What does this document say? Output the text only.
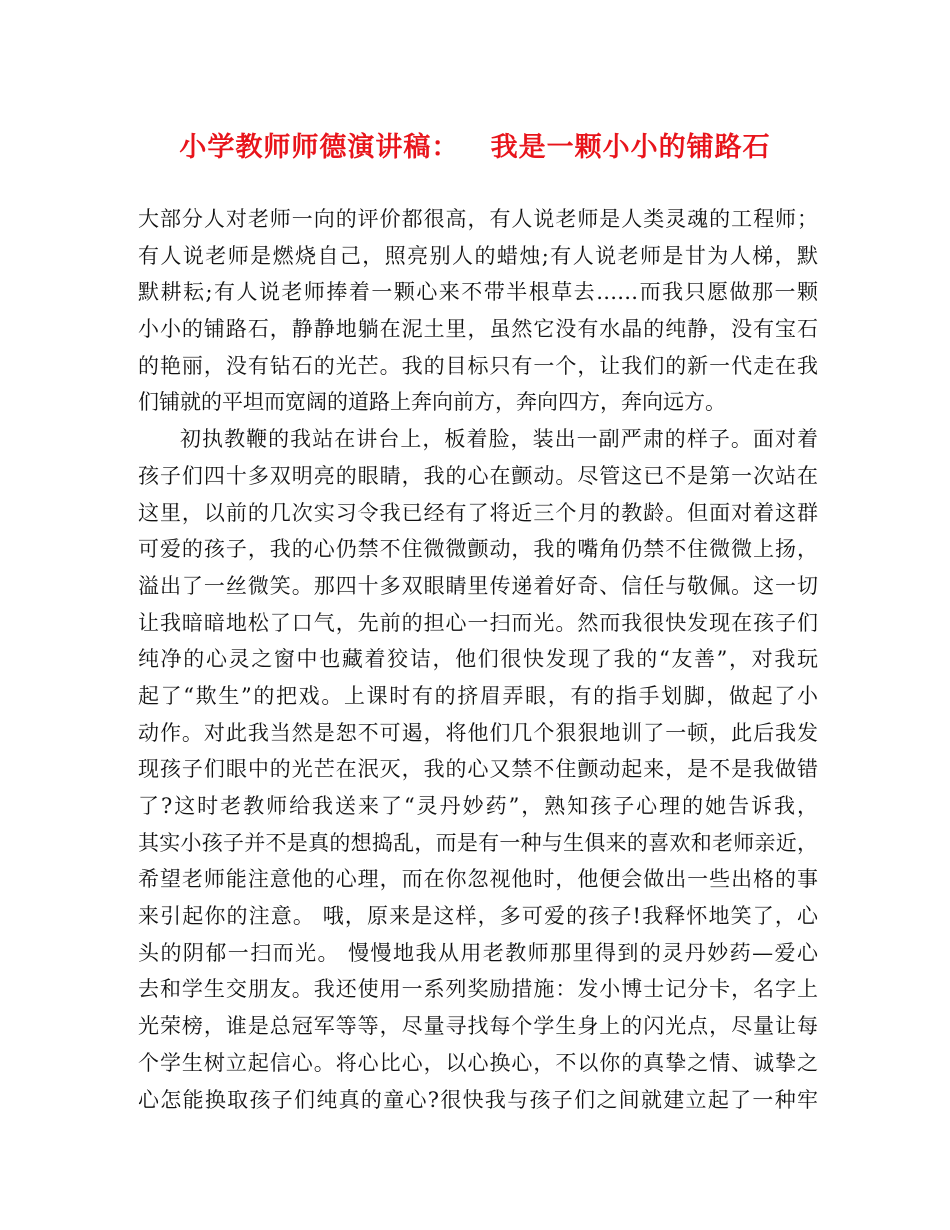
小学教师师德演讲稿：   我是一颗小小的铺路石
大部分人对老师一向的评价都很高，有人说老师是人类灵魂的工程师；
有人说老师是燃烧自己，照亮别人的蜡烛;有人说老师是甘为人梯，默
默耕耘;有人说老师捧着一颗心来不带半根草去……而我只愿做那一颗
小小的铺路石，静静地躺在泥土里，虽然它没有水晶的纯静，没有宝石
的艳丽，没有钻石的光芒。我的目标只有一个，让我们的新一代走在我
们铺就的平坦而宽阔的道路上奔向前方，奔向四方，奔向远方。
初执教鞭的我站在讲台上，板着脸，装出一副严肃的样子。面对着
孩子们四十多双明亮的眼睛，我的心在颤动。尽管这已不是第一次站在
这里，以前的几次实习令我已经有了将近三个月的教龄。但面对着这群
可爱的孩子，我的心仍禁不住微微颤动，我的嘴角仍禁不住微微上扬，
溢出了一丝微笑。那四十多双眼睛里传递着好奇、信任与敬佩。这一切
让我暗暗地松了口气，先前的担心一扫而光。然而我很快发现在孩子们
纯净的心灵之窗中也藏着狡诘，他们很快发现了我的“友善”，对我玩
起了“欺生”的把戏。上课时有的挤眉弄眼，有的指手划脚，做起了小
动作。对此我当然是恕不可遏，将他们几个狠狠地训了一顿，此后我发
现孩子们眼中的光芒在泯灭，我的心又禁不住颤动起来，是不是我做错
了?这时老教师给我送来了“灵丹妙药”，熟知孩子心理的她告诉我，
其实小孩子并不是真的想捣乱，而是有一种与生俱来的喜欢和老师亲近，
希望老师能注意他的心理，而在你忽视他时，他便会做出一些出格的事
来引起你的注意。 哦，原来是这样，多可爱的孩子!我释怀地笑了，心
头的阴郁一扫而光。 慢慢地我从用老教师那里得到的灵丹妙药—爱心
去和学生交朋友。我还使用一系列奖励措施：发小博士记分卡，名字上
光荣榜，谁是总冠军等等，尽量寻找每个学生身上的闪光点，尽量让每
个学生树立起信心。将心比心，以心换心，不以你的真挚之情、诚挚之
心怎能换取孩子们纯真的童心?很快我与孩子们之间就建立起了一种牢
